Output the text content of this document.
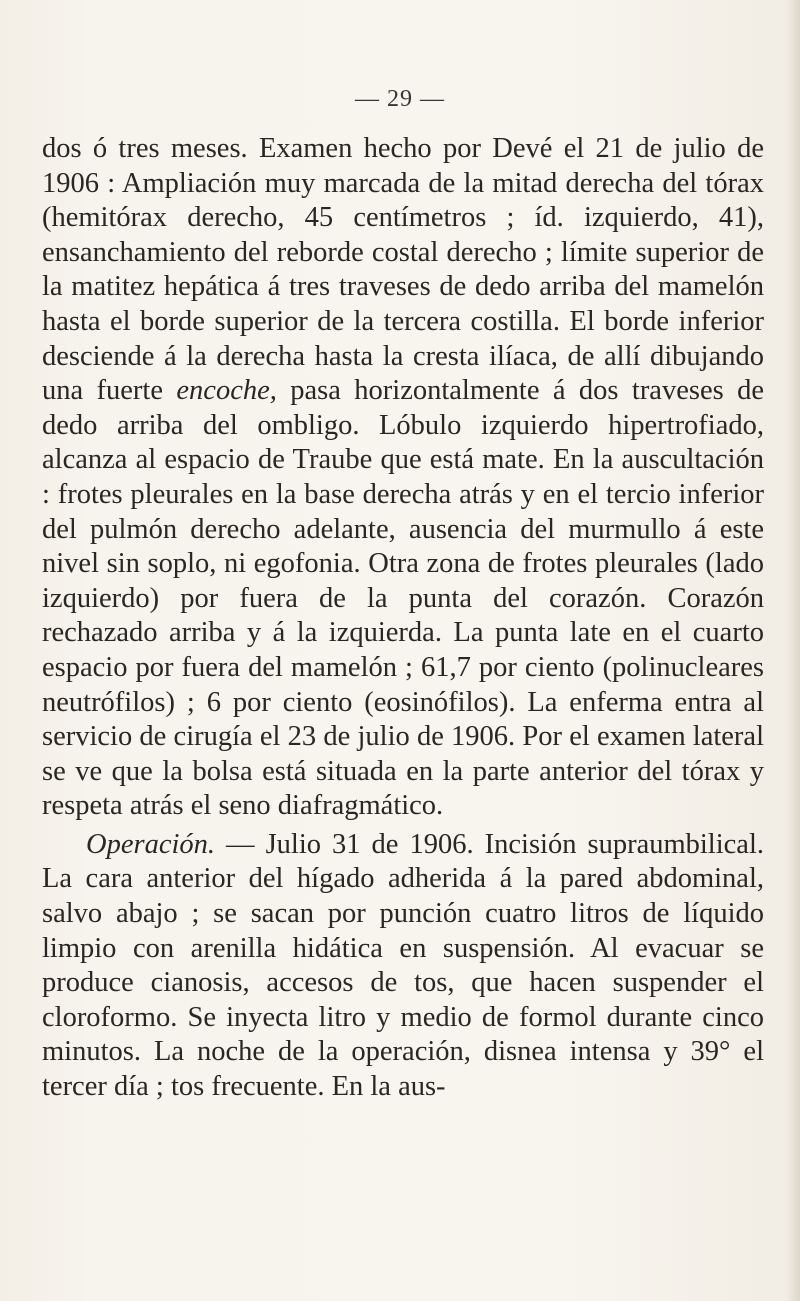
— 29 —

dos ó tres meses. Examen hecho por Devé el 21 de julio de 1906 : Ampliación muy marcada de la mitad derecha del tórax (hemitórax derecho, 45 centímetros ; íd. izquierdo, 41), ensanchamiento del reborde costal derecho ; límite superior de la matitez hepática á tres traveses de dedo arriba del mamelón hasta el borde superior de la tercera costilla. El borde inferior desciende á la derecha hasta la cresta ilíaca, de allí dibujando una fuerte encoche, pasa horizontalmente á dos traveses de dedo arriba del ombligo. Lóbulo izquierdo hipertrofiado, alcanza al espacio de Traube que está mate. En la auscultación : frotes pleurales en la base derecha atrás y en el tercio inferior del pulmón derecho adelante, ausencia del murmullo á este nivel sin soplo, ni egofonia. Otra zona de frotes pleurales (lado izquierdo) por fuera de la punta del corazón. Corazón rechazado arriba y á la izquierda. La punta late en el cuarto espacio por fuera del mamelón ; 61,7 por ciento (polinucleares neutrófilos) ; 6 por ciento (eosinófilos). La enferma entra al servicio de cirugía el 23 de julio de 1906. Por el examen lateral se ve que la bolsa está situada en la parte anterior del tórax y respeta atrás el seno diafragmático.

Operación. — Julio 31 de 1906. Incisión supraumbilical. La cara anterior del hígado adherida á la pared abdominal, salvo abajo ; se sacan por punción cuatro litros de líquido limpio con arenilla hidática en suspensión. Al evacuar se produce cianosis, accesos de tos, que hacen suspender el cloroformo. Se inyecta litro y medio de formol durante cinco minutos. La noche de la operación, disnea intensa y 39° el tercer día ; tos frecuente. En la aus-
